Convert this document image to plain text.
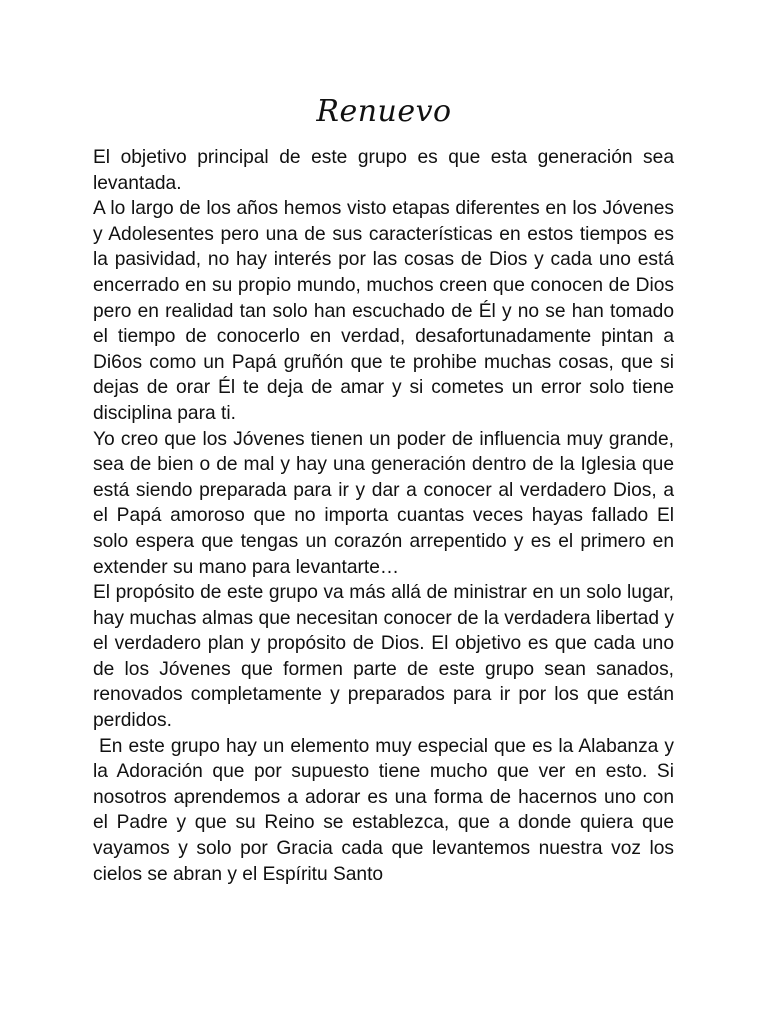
Renuevo

El objetivo principal de este grupo es que esta generación sea levantada.

A lo largo de los años hemos visto etapas diferentes en los Jóvenes y Adolesentes pero una de sus características en estos tiempos es la pasividad, no hay interés por las cosas de Dios y cada uno está encerrado en su propio mundo, muchos creen que conocen de Dios pero en realidad tan solo han escuchado de Él y no se han tomado el tiempo de conocerlo en verdad, desafortunadamente pintan a Di6os como un Papá gruñón que te prohibe muchas cosas, que si dejas de orar Él te deja de amar y si cometes un error solo tiene disciplina para ti.

Yo creo que los Jóvenes tienen un poder de influencia muy grande, sea de bien o de mal y hay una generación dentro de la Iglesia que está siendo preparada para ir y dar a conocer al verdadero Dios, a el Papá amoroso que no importa cuantas veces hayas fallado El solo espera que tengas un corazón arrepentido y es el primero en extender su mano para levantarte…

El propósito de este grupo va más allá de ministrar en un solo lugar, hay muchas almas que necesitan conocer de la verdadera libertad y el verdadero plan y propósito de Dios. El objetivo es que cada uno de los Jóvenes que formen parte de este grupo sean sanados, renovados completamente y preparados para ir por los que están perdidos.

En este grupo hay un elemento muy especial que es la Alabanza y la Adoración que por supuesto tiene mucho que ver en esto. Si nosotros aprendemos a adorar es una forma de hacernos uno con el Padre y que su Reino se establezca, que a donde quiera que vayamos y solo por Gracia cada que levantemos nuestra voz los cielos se abran y el Espíritu Santo
